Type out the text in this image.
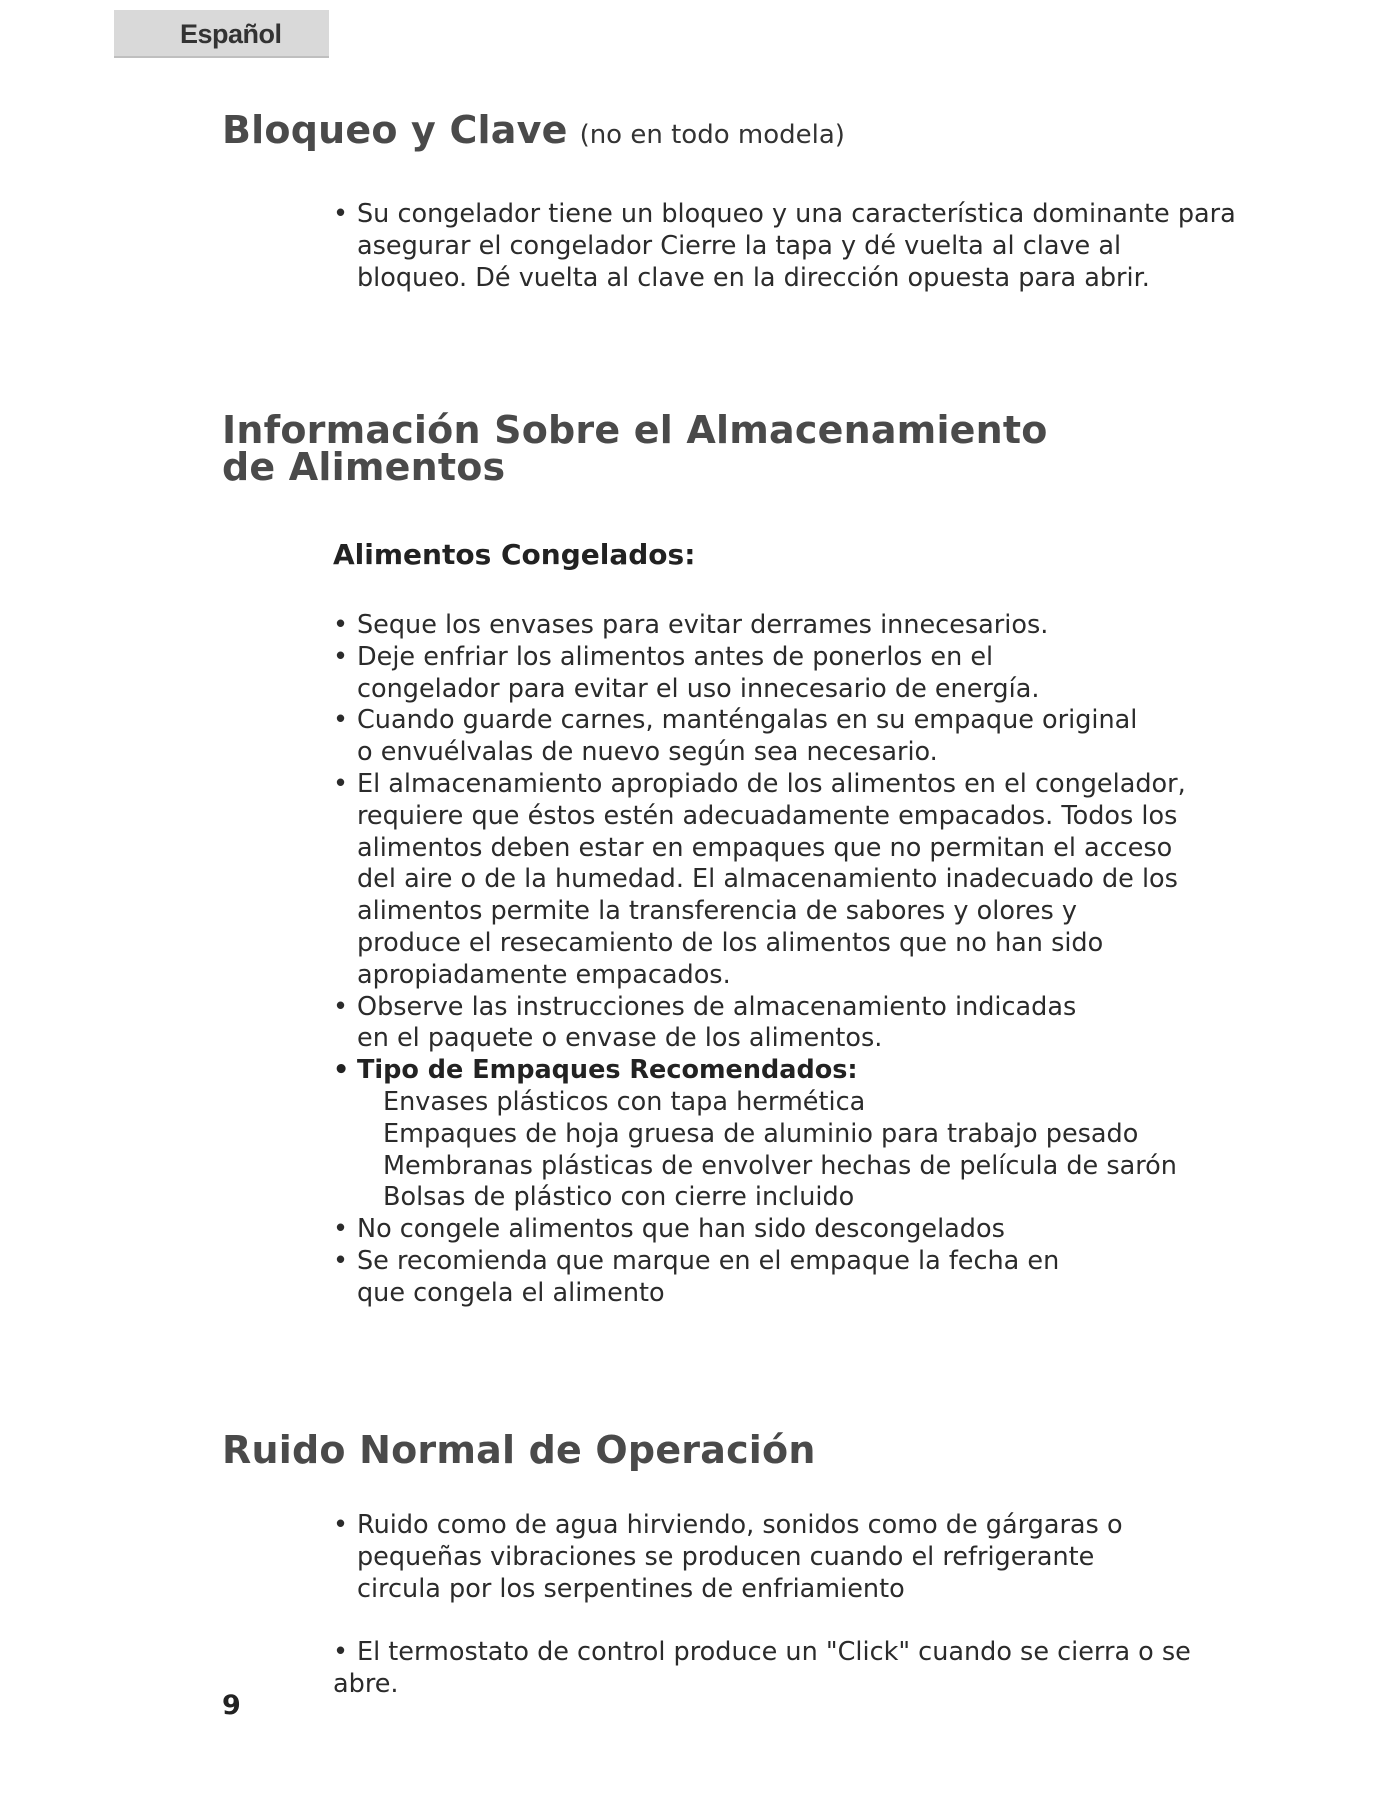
Español
Bloqueo y Clave (no en todo modela)
• Su congelador tiene un bloqueo y una característica dominante para
asegurar el congelador Cierre la tapa y dé vuelta al clave al
bloqueo. Dé vuelta al clave en la dirección opuesta para abrir.
Información Sobre el Almacenamiento
de Alimentos
Alimentos Congelados:
• Seque los envases para evitar derrames innecesarios.
• Deje enfriar los alimentos antes de ponerlos en el
congelador para evitar el uso innecesario de energía.
• Cuando guarde carnes, manténgalas en su empaque original
o envuélvalas de nuevo según sea necesario.
• El almacenamiento apropiado de los alimentos en el congelador,
requiere que éstos estén adecuadamente empacados. Todos los
alimentos deben estar en empaques que no permitan el acceso
del aire o de la humedad. El almacenamiento inadecuado de los
alimentos permite la transferencia de sabores y olores y
produce el resecamiento de los alimentos que no han sido
apropiadamente empacados.
• Observe las instrucciones de almacenamiento indicadas
en el paquete o envase de los alimentos.
• Tipo de Empaques Recomendados:
Envases plásticos con tapa hermética
Empaques de hoja gruesa de aluminio para trabajo pesado
Membranas plásticas de envolver hechas de película de sarón
Bolsas de plástico con cierre incluido
• No congele alimentos que han sido descongelados
• Se recomienda que marque en el empaque la fecha en
que congela el alimento
Ruido Normal de Operación
• Ruido como de agua hirviendo, sonidos como de gárgaras o
pequeñas vibraciones se producen cuando el refrigerante
circula por los serpentines de enfriamiento
• El termostato de control produce un "Click" cuando se cierra o se
abre.
9
